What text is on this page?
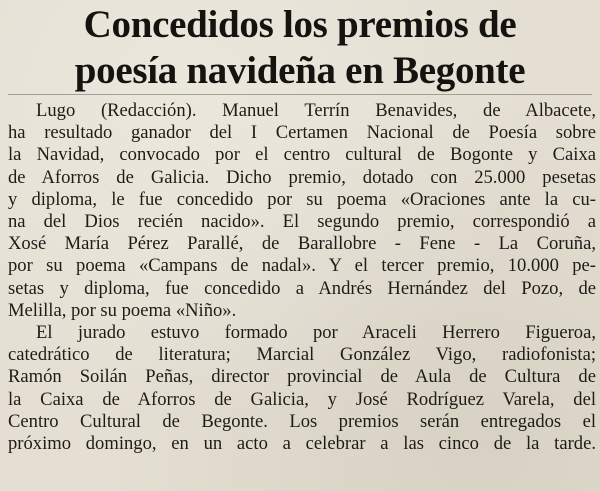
Concedidos los premios de
poesía navideña en Begonte

Lugo (Redacción). Manuel Terrín Benavides, de Albacete,
ha resultado ganador del I Certamen Nacional de Poesía sobre
la Navidad, convocado por el centro cultural de Bogonte y Caixa
de Aforros de Galicia. Dicho premio, dotado con 25.000 pesetas
y diploma, le fue concedido por su poema «Oraciones ante la cu-
na del Dios recién nacido». El segundo premio, correspondió a
Xosé María Pérez Parallé, de Barallobre - Fene - La Coruña,
por su poema «Campans de nadal». Y el tercer premio, 10.000 pe-
setas y diploma, fue concedido a Andrés Hernández del Pozo, de
Melilla, por su poema «Niño».

El jurado estuvo formado por Araceli Herrero Figueroa,
catedrático de literatura; Marcial González Vigo, radiofonista;
Ramón Soilán Peñas, director provincial de Aula de Cultura de
la Caixa de Aforros de Galicia, y José Rodríguez Varela, del
Centro Cultural de Begonte. Los premios serán entregados el
próximo domingo, en un acto a celebrar a las cinco de la tarde.
